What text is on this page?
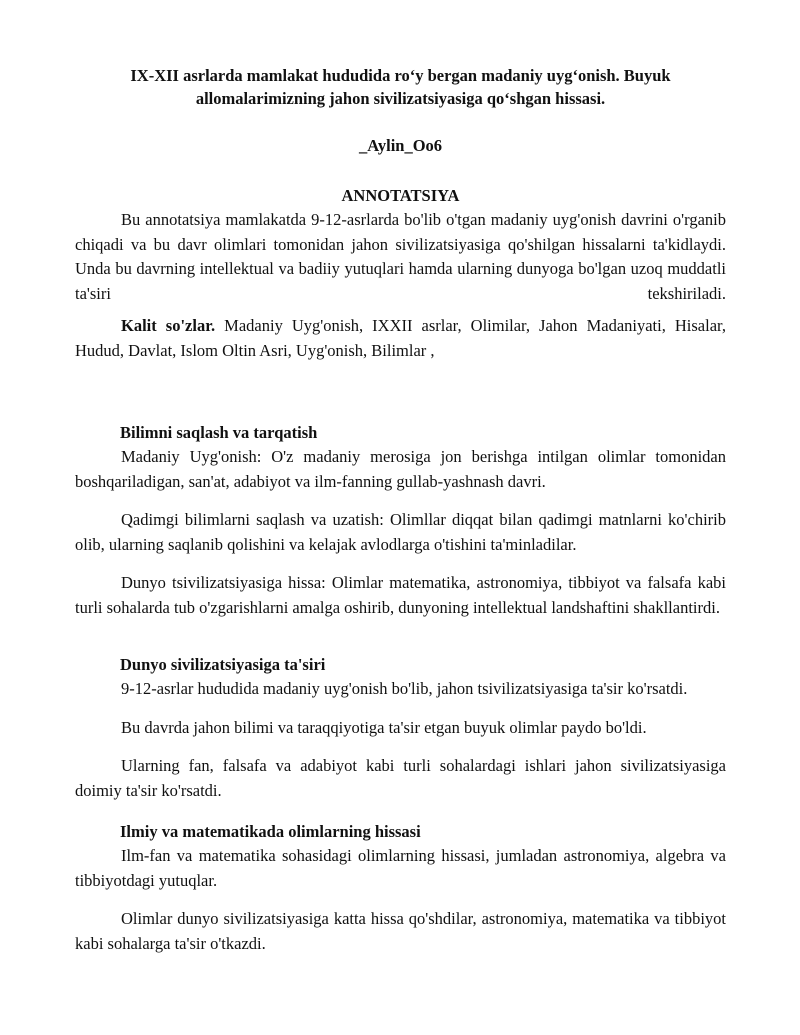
IX-XII asrlarda mamlakat hududida ro‘y bergan madaniy uyg‘onish. Buyuk
allomalarimizning jahon sivilizatsiyasiga qo‘shgan hissasi.
_Aylin_Oo6
ANNOTATSIYA

Bu annotatsiya mamlakatda 9-12-asrlarda bo'lib o'tgan madaniy uyg'onish davrini o'rganib chiqadi va bu davr olimlari tomonidan jahon sivilizatsiyasiga qo'shilgan hissalarni ta'kidlaydi. Unda bu davrning intellektual va badiiy yutuqlari hamda ularning dunyoga bo'lgan uzoq muddatli ta'siri tekshiriladi.

Kalit so'zlar. Madaniy Uyg'onish, IXXII asrlar, Olimilar, Jahon Madaniyati, Hisalar, Hudud, Davlat, Islom Oltin Asri, Uyg'onish, Bilimlar ,

Bilimni saqlash va tarqatish

Madaniy Uyg'onish: O'z madaniy merosiga jon berishga intilgan olimlar tomonidan boshqariladigan, san'at, adabiyot va ilm-fanning gullab-yashnash davri.

Qadimgi bilimlarni saqlash va uzatish: Olimllar diqqat bilan qadimgi matnlarni ko'chirib olib, ularning saqlanib qolishini va kelajak avlodlarga o'tishini ta'minladilar.

Dunyo tsivilizatsiyasiga hissa: Olimlar matematika, astronomiya, tibbiyot va falsafa kabi turli sohalarda tub o'zgarishlarni amalga oshirib, dunyoning intellektual landshaftini shakllantirdi.

Dunyo sivilizatsiyasiga ta'siri

9-12-asrlar hududida madaniy uyg'onish bo'lib, jahon tsivilizatsiyasiga ta'sir ko'rsatdi.

Bu davrda jahon bilimi va taraqqiyotiga ta'sir etgan buyuk olimlar paydo bo'ldi.

Ularning fan, falsafa va adabiyot kabi turli sohalardagi ishlari jahon sivilizatsiyasiga doimiy ta'sir ko'rsatdi.

Ilmiy va matematikada olimlarning hissasi

Ilm-fan va matematika sohasidagi olimlarning hissasi, jumladan astronomiya, algebra va tibbiyotdagi yutuqlar.

Olimlar dunyo sivilizatsiyasiga katta hissa qo'shdilar, astronomiya, matematika va tibbiyot kabi sohalarga ta'sir o'tkazdi.
